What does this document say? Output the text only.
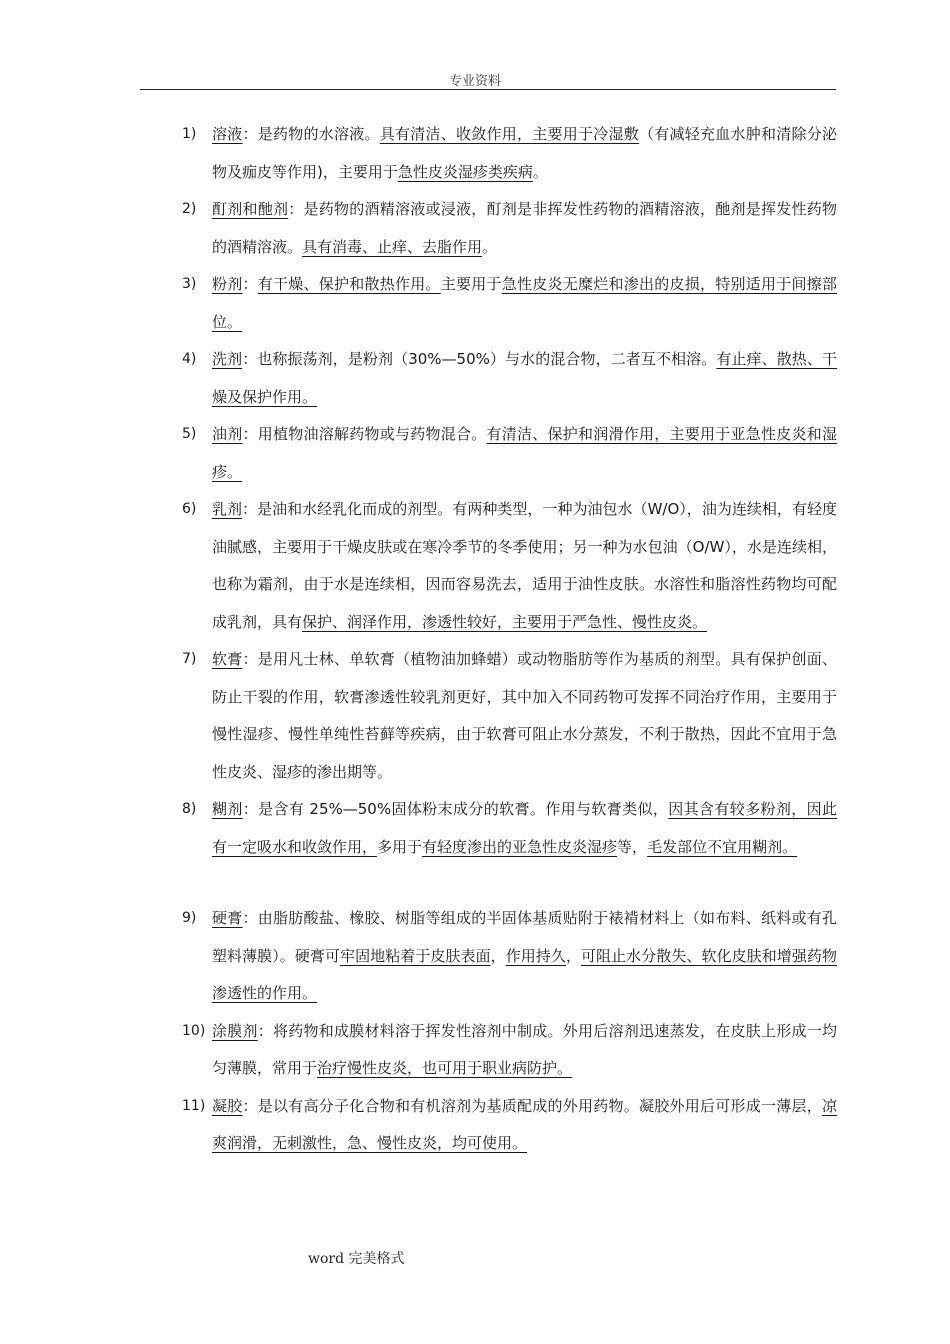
专业资料
1)	溶液：是药物的水溶液。具有清洁、收敛作用，主要用于冷湿敷（有减轻充血水肿和清除分泌物及痂皮等作用)，主要用于急性皮炎湿疹类疾病。
2)	酊剂和酏剂：是药物的酒精溶液或浸液，酊剂是非挥发性药物的酒精溶液，酏剂是挥发性药物的酒精溶液。具有消毒、止痒、去脂作用。
3)	粉剂：有干燥、保护和散热作用。主要用于急性皮炎无糜烂和渗出的皮损，特别适用于间擦部位。
4)	洗剂：也称振荡剂，是粉剂（30%—50%）与水的混合物，二者互不相溶。有止痒、散热、干燥及保护作用。
5)	油剂：用植物油溶解药物或与药物混合。有清洁、保护和润滑作用，主要用于亚急性皮炎和湿疹。
6)	乳剂：是油和水经乳化而成的剂型。有两种类型，一种为油包水（W/O），油为连续相，有轻度油腻感，主要用于干燥皮肤或在寒冷季节的冬季使用；另一种为水包油（O/W），水是连续相，也称为霜剂，由于水是连续相，因而容易洗去，适用于油性皮肤。水溶性和脂溶性药物均可配成乳剂，具有保护、润泽作用，渗透性较好，主要用于严急性、慢性皮炎。
7)	软膏：是用凡士林、单软膏（植物油加蜂蜡）或动物脂肪等作为基质的剂型。具有保护创面、防止干裂的作用，软膏渗透性较乳剂更好，其中加入不同药物可发挥不同治疗作用，主要用于慢性湿疹、慢性单纯性苔藓等疾病，由于软膏可阻止水分蒸发，不利于散热，因此不宜用于急性皮炎、湿疹的渗出期等。
8)	糊剂：是含有 25%—50%固体粉末成分的软膏。作用与软膏类似，因其含有较多粉剂，因此有一定吸水和收敛作用，多用于有轻度渗出的亚急性皮炎湿疹等，毛发部位不宜用糊剂。
9)	硬膏：由脂肪酸盐、橡胶、树脂等组成的半固体基质贴附于裱褙材料上（如布料、纸料或有孔塑料薄膜）。硬膏可牢固地粘着于皮肤表面，作用持久，可阻止水分散失、软化皮肤和增强药物渗透性的作用。
10) 涂膜剂：将药物和成膜材料溶于挥发性溶剂中制成。外用后溶剂迅速蒸发，在皮肤上形成一均匀薄膜，常用于治疗慢性皮炎，也可用于职业病防护。
11) 凝胶：是以有高分子化合物和有机溶剂为基质配成的外用药物。凝胶外用后可形成一薄层，凉爽润滑，无刺激性，急、慢性皮炎，均可使用。
word 完美格式
